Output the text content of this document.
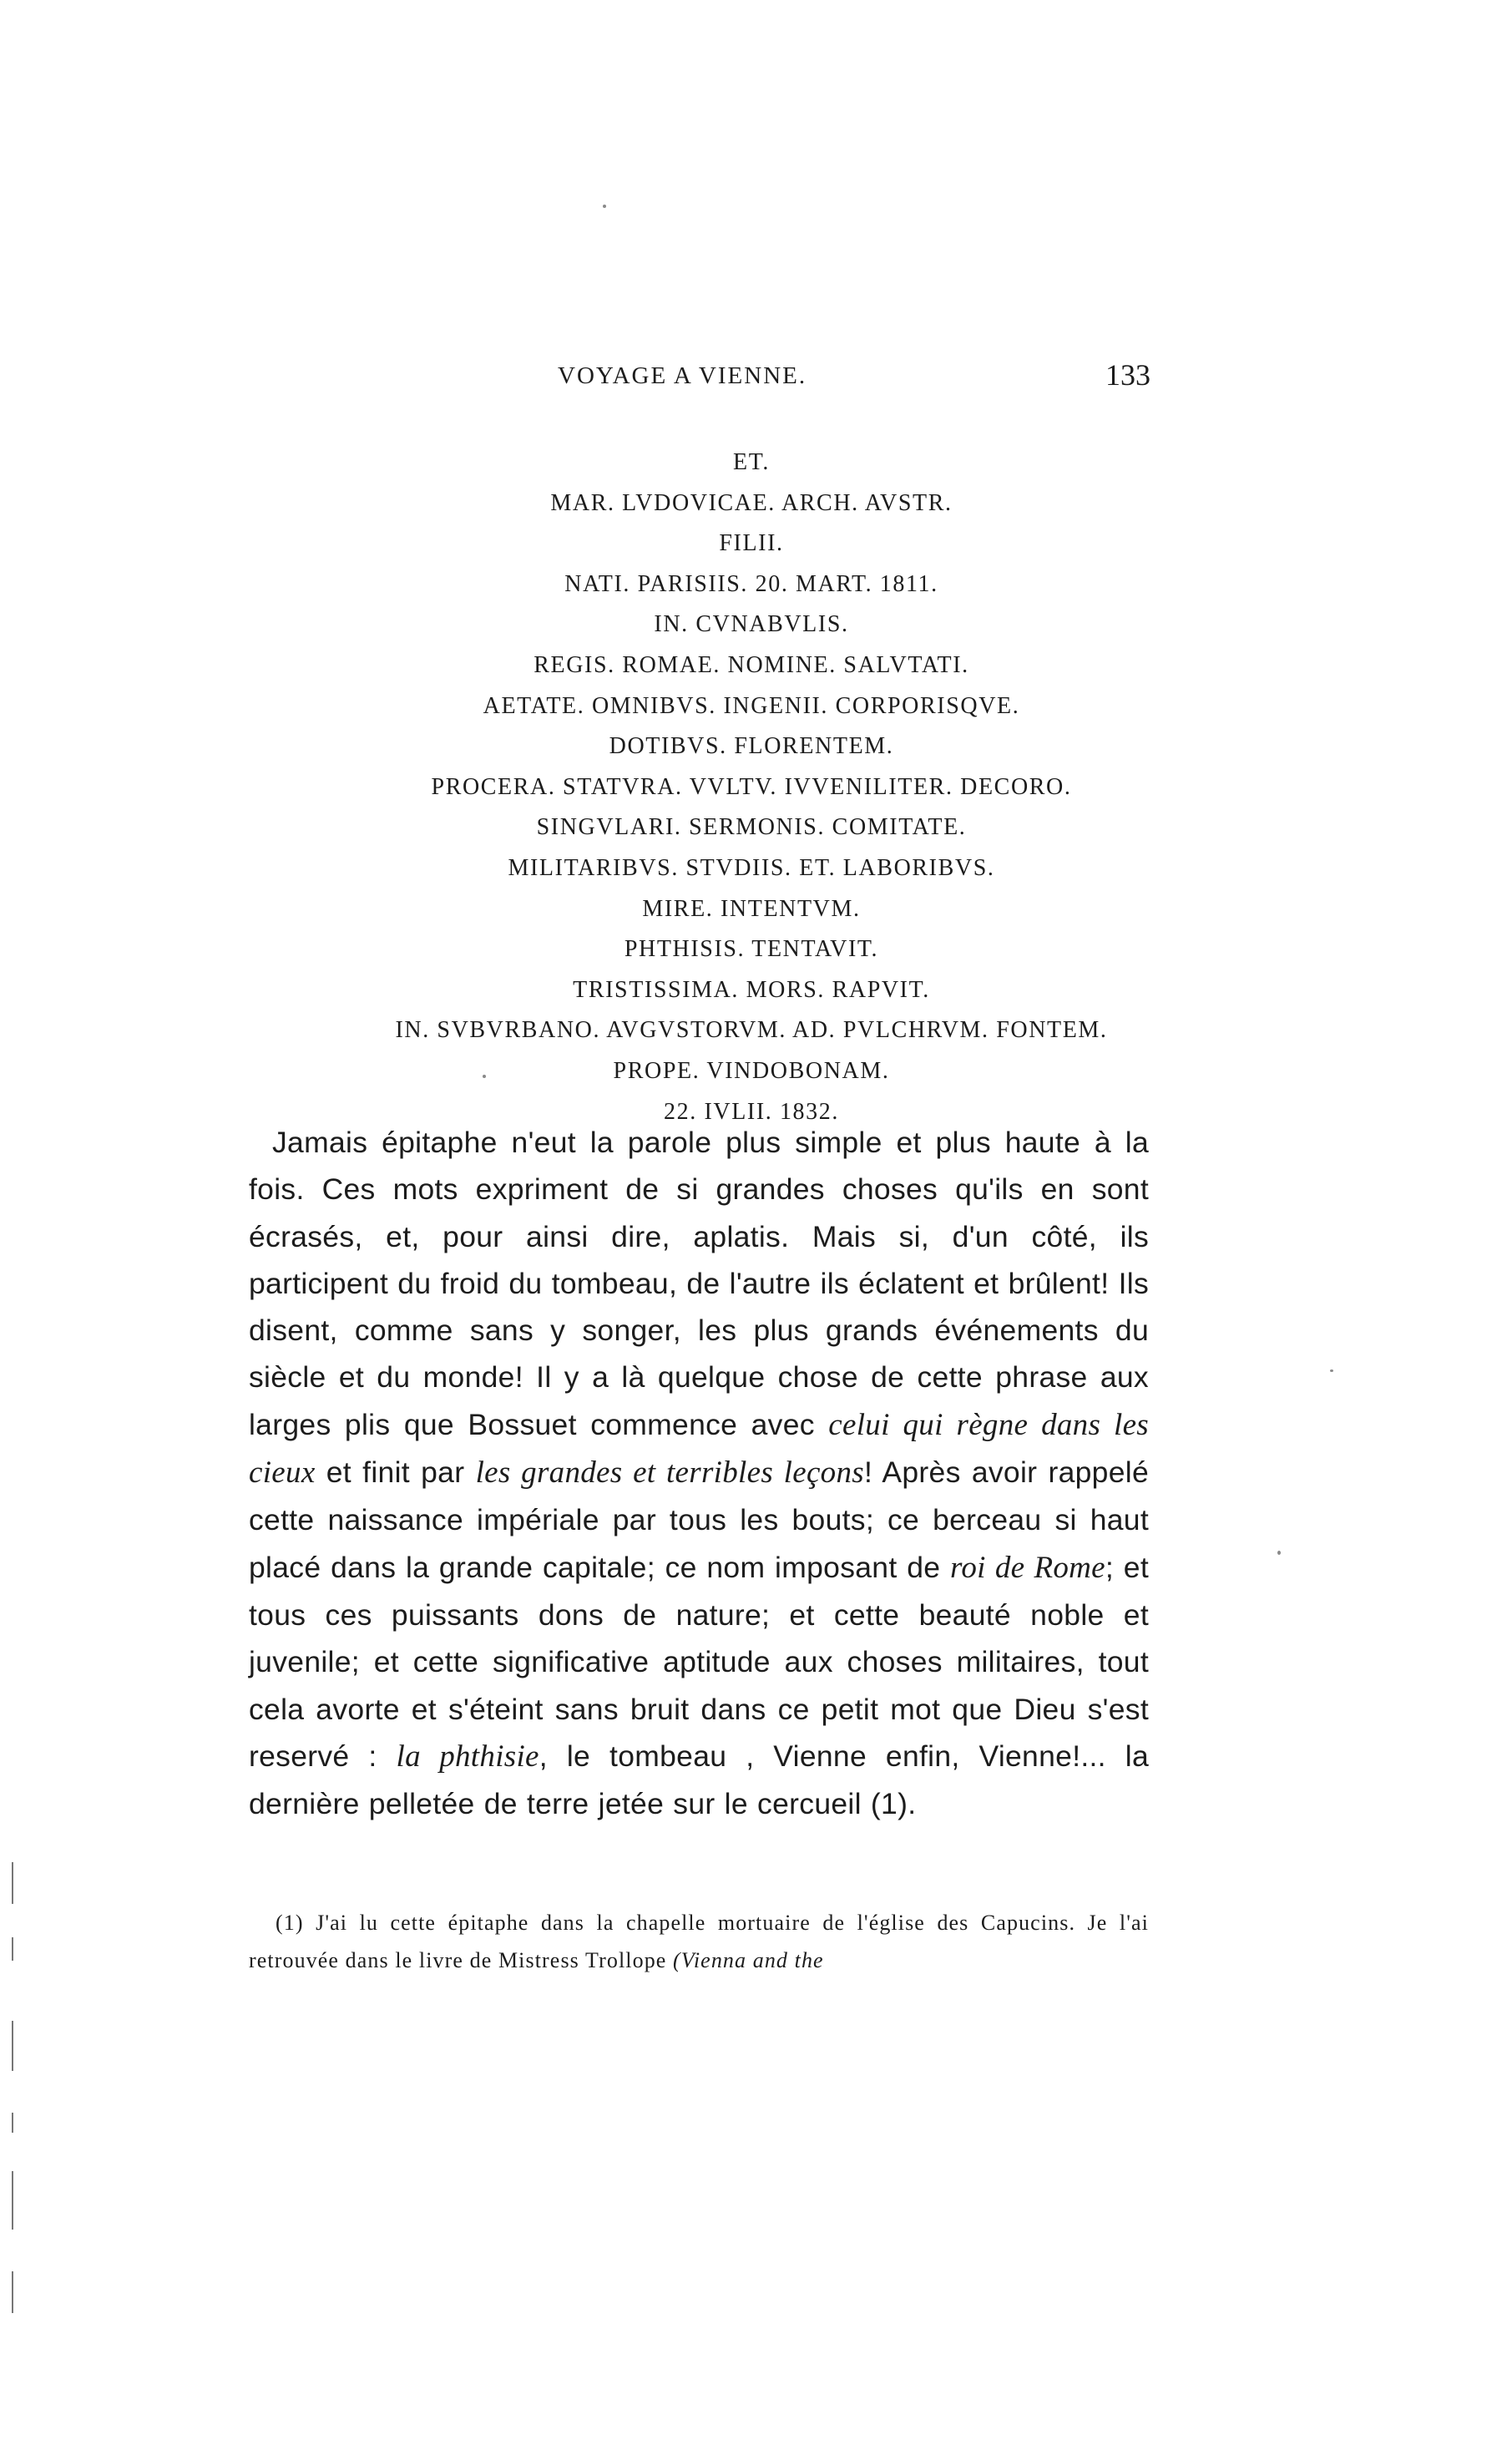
VOYAGE A VIENNE.	133
ET.
MAR. LVDOVICAE. ARCH. AVSTR.
FILII.
NATI. PARISIIS. 20. MART. 1811.
IN. CVNABVLIS.
REGIS. ROMAE. NOMINE. SALVTATI.
AETATE. OMNIBVS. INGENII. CORPORISQVE.
DOTIBVS. FLORENTEM.
PROCERA. STATVRA. VVLTV. IVVENILITER. DECORO.
SINGVLARI. SERMONIS. COMITATE.
MILITARIBVS. STVDIIS. ET. LABORIBVS.
MIRE. INTENTVM.
PHTHISIS. TENTAVIT.
TRISTISSIMA. MORS. RAPVIT.
IN. SVBVRBANO. AVGVSTORVM. AD. PVLCHRVM. FONTEM.
PROPE. VINDOBONAM.
22. IVLII. 1832.

Jamais épitaphe n'eut la parole plus simple et plus haute à la fois. Ces mots expriment de si grandes choses qu'ils en sont écrasés, et, pour ainsi dire, aplatis. Mais si, d'un côté, ils participent du froid du tombeau, de l'autre ils éclatent et brûlent! Ils disent, comme sans y songer, les plus grands événements du siècle et du monde! Il y a là quelque chose de cette phrase aux larges plis que Bossuet commence avec celui qui règne dans les cieux et finit par les grandes et terribles leçons! Après avoir rappelé cette naissance impériale par tous les bouts; ce berceau si haut placé dans la grande capitale; ce nom imposant de roi de Rome; et tous ces puissants dons de nature; et cette beauté noble et juvenile; et cette significative aptitude aux choses militaires, tout cela avorte et s'éteint sans bruit dans ce petit mot que Dieu s'est reservé : la phthisie, le tombeau , Vienne enfin, Vienne!... la dernière pelletée de terre jetée sur le cercueil (1).

(1) J'ai lu cette épitaphe dans la chapelle mortuaire de l'église des Capucins. Je l'ai retrouvée dans le livre de Mistress Trollope (Vienna and the
